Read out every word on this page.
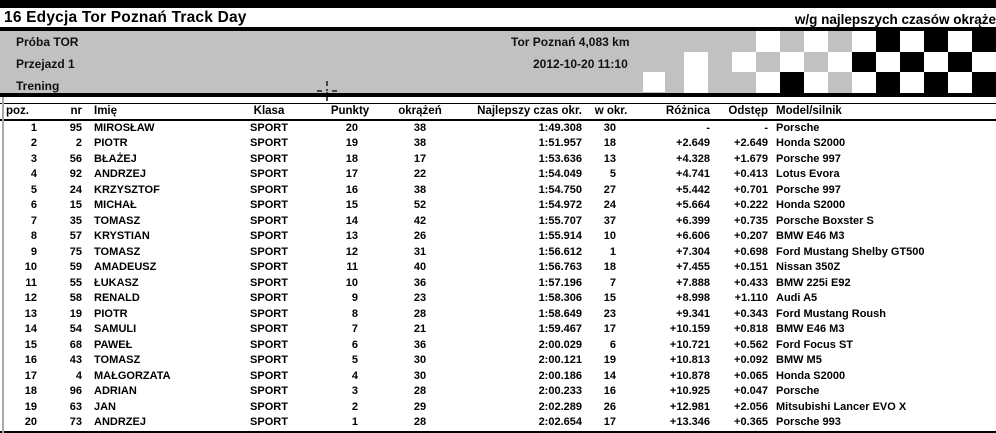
16 Edycja Tor Poznań Track Day	w/g najlepszych czasów okrąże
Próba TOR
Przejazd 1
Trening
Tor Poznań 4,083 km
2012-10-20 11:10
poz.	nr	Imię	Klasa	Punkty	okrążeń	Najlepszy czas okr.	w okr.	Różnica	Odstęp	Model/silnik
1	95	MIROSŁAW	SPORT	20	38	1:49.308	30	-	-	Porsche
2	2	PIOTR	SPORT	19	38	1:51.957	18	+2.649	+2.649	Honda S2000
3	56	BŁAŻEJ	SPORT	18	17	1:53.636	13	+4.328	+1.679	Porsche 997
4	92	ANDRZEJ	SPORT	17	22	1:54.049	5	+4.741	+0.413	Lotus Evora
5	24	KRZYSZTOF	SPORT	16	38	1:54.750	27	+5.442	+0.701	Porsche 997
6	15	MICHAŁ	SPORT	15	52	1:54.972	24	+5.664	+0.222	Honda S2000
7	35	TOMASZ	SPORT	14	42	1:55.707	37	+6.399	+0.735	Porsche Boxster S
8	57	KRYSTIAN	SPORT	13	26	1:55.914	10	+6.606	+0.207	BMW E46 M3
9	75	TOMASZ	SPORT	12	31	1:56.612	1	+7.304	+0.698	Ford Mustang Shelby GT500
10	59	AMADEUSZ	SPORT	11	40	1:56.763	18	+7.455	+0.151	Nissan 350Z
11	55	ŁUKASZ	SPORT	10	36	1:57.196	7	+7.888	+0.433	BMW 225i E92
12	58	RENALD	SPORT	9	23	1:58.306	15	+8.998	+1.110	Audi A5
13	19	PIOTR	SPORT	8	28	1:58.649	23	+9.341	+0.343	Ford Mustang Roush
14	54	SAMULI	SPORT	7	21	1:59.467	17	+10.159	+0.818	BMW E46 M3
15	68	PAWEŁ	SPORT	6	36	2:00.029	6	+10.721	+0.562	Ford Focus ST
16	43	TOMASZ	SPORT	5	30	2:00.121	19	+10.813	+0.092	BMW M5
17	4	MAŁGORZATA	SPORT	4	30	2:00.186	14	+10.878	+0.065	Honda S2000
18	96	ADRIAN	SPORT	3	28	2:00.233	16	+10.925	+0.047	Porsche
19	63	JAN	SPORT	2	29	2:02.289	26	+12.981	+2.056	Mitsubishi Lancer EVO X
20	73	ANDRZEJ	SPORT	1	28	2:02.654	17	+13.346	+0.365	Porsche 993
